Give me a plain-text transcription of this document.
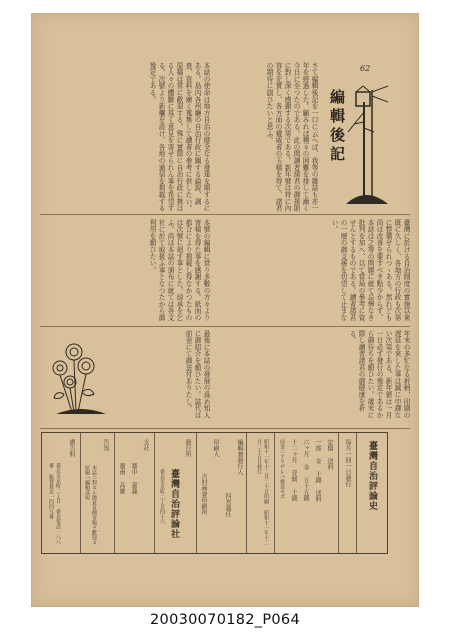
62
編輯後記
さて編輯後記を一口に云へば、我等の雜誌も亦一年を經過した。顧みれば種々の困難を排して漸く今日に至つたのである。此の間讀者諸君の御援助に對し深く感謝する次第である。新年號は特に內容を充實し、各方面の權威者の玉稿を得て、諸君の期待に副ひたいと思ふ。
本誌の使命は地方自治の健全なる發達を期するにある。島內各州廳の自治行政に關する論說、調查、資料を廣く蒐集して讀者の參考に供したい。原稿は常に歡迎する。殊に實際に自治行政に携はる人々の體驗に基く意見を寄せられん事を希望する。次號より新欄を設け、各地の通信を掲載する豫定である。
臺灣に於ける自治制度の實施以來既に久しく、各地方の行政も次第に整備せられつゝある。然れども尚ほ改善を要すべき點少からず、本誌は之等の問題に就て忌憚なき批判を加へ、以て當局の參考に資せんとするものである。讀者諸君の一層の御支援を切望して止まない。
本號の編輯に當り多數の方々より寄稿を得た事を感謝する。紙面の都合により掲載し得なかつたものは次號に廻す事とした。諒承を乞ふ。尚ほ本誌の頒布に就ては各支社に於て取扱ふ事となつたから御利用を願ひたい。
年末の多忙なる折柄、印刷の遅延を來した事は誠に申譯ない次第である。新年號は一月一日必ず發行の豫定であるから御待ちを願ひたい。歲末に際し讀者諸君の御健康を祈る。
最後に本誌の發展の爲め知人に御紹介を願ひたい。誌代は前金にて御送付ありたし。
臺灣自治評論史
毎月一回一日發行
定價 送料
一部 金 十錢 送料
六ヶ月 金 五十五錢
十二ヶ月 壹圓 十錢
前金ニアラザレバ發送セズ
昭和十一年十二月二十日印刷 昭和十一年十二月二十五日發行
編輯兼發行人
四宮義任
印刷人
吉村商會印刷所
發行所
臺灣自治評論社
臺北市京町二丁目四十六
支社
臺中 嘉義
臺南 高雄
告知
本誌ニ對スル御意見御寄稿ヲ歡迎ス 原稿ハ編輯部宛
廣告料
臺北市京町二丁目 臺北電話一八八番 振替臺北一四四九番
20030070182_P064
